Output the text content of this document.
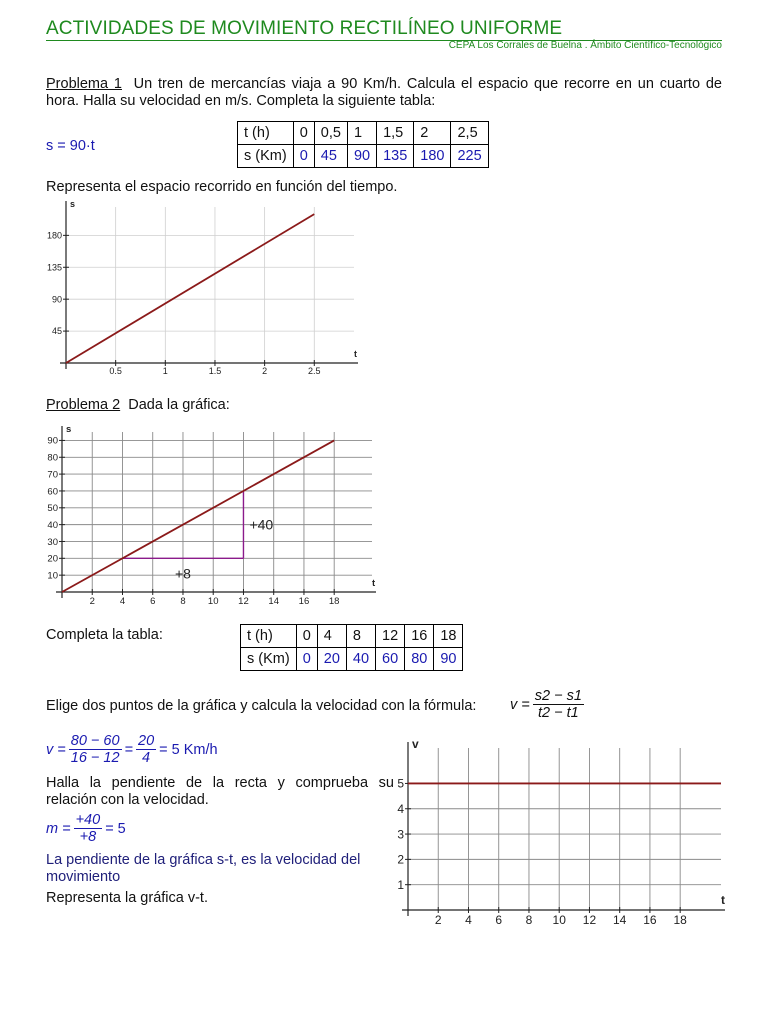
ACTIVIDADES DE MOVIMIENTO RECTILÍNEO UNIFORME
CEPA Los Corrales de Buelna . Ámbito Científico-Tecnológico
Problema 1 Un tren de mercancías viaja a 90 Km/h. Calcula el espacio que recorre en un cuarto de hora. Halla su velocidad en m/s. Completa la siguiente tabla:
s = 90·t
t (h)	0	0,5	1	1,5	2	2,5
s (Km)	0	45	90	135	180	225
Representa el espacio recorrido en función del tiempo.
0.5	1	1.5	2	2.5
45
90
135
180
s
t
Problema 2 Dada la gráfica:
2	4	6	8 10 12 14 16 18
10
20
30
40
50
60
70
80
90
s
t
+40
+8
Completa la tabla:	t (h)	0	4	8	12	16	18
s (Km)	0	20	40	60	80	90
Elige dos puntos de la gráfica y calcula la velocidad con la fórmula: $v = \frac{s2 - s1}{t2 - t1}$
$v = \frac{80 - 60}{16 - 12} = \frac{20}{4} = 5$ Km/h
Halla la pendiente de la recta y comprueba su relación con la velocidad.
$m = \frac{+40}{+8} = 5$
La pendiente de la gráfica s-t, es la velocidad del movimiento
Representa la gráfica v-t.
2 4 6 8 10 12 14 16 18
1
2
3
4
5
v
t
